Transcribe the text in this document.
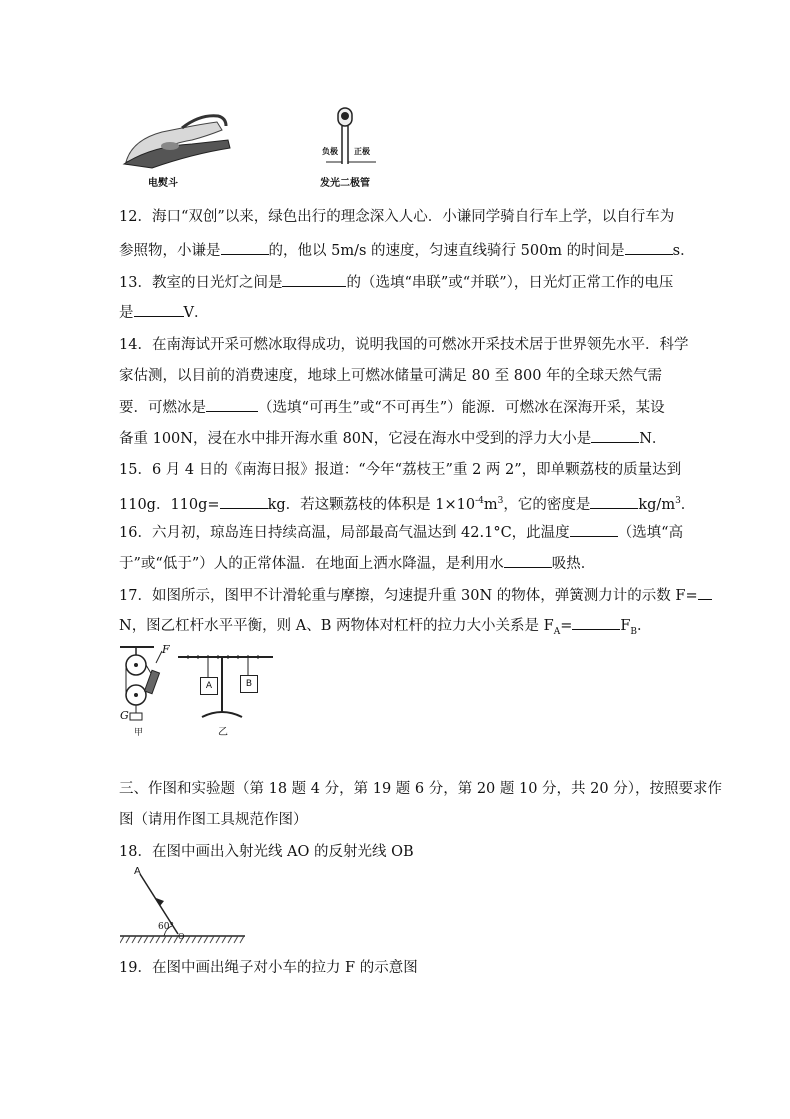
电熨斗
负极 正极
发光二极管
12．海口“双创”以来，绿色出行的理念深入人心．小谦同学骑自行车上学，以自行车为
参照物，小谦是	的，他以 5m/s 的速度，匀速直线骑行 500m 的时间是	s．
13．教室的日光灯之间是	的（选填“串联”或“并联”），日光灯正常工作的电压
是	V．
14．在南海试开采可燃冰取得成功，说明我国的可燃冰开采技术居于世界领先水平．科学
家估测，以目前的消费速度，地球上可燃冰储量可满足 80 至 800 年的全球天然气需
要．可燃冰是	（选填“可再生”或“不可再生”）能源．可燃冰在深海开采，某设
备重 100N，浸在水中排开海水重 80N，它浸在海水中受到的浮力大小是	N．
15．6 月 4 日的《南海日报》报道：“今年“荔枝王”重 2 两 2”，即单颗荔枝的质量达到
110g．110g=	kg．若这颗荔枝的体积是 $1\times 10^{-4}m^3$，它的密度是	$kg/m^3$．
16．六月初，琼岛连日持续高温，局部最高气温达到 42.1°C，此温度	（选填“高
于”或“低于”）人的正常体温．在地面上洒水降温，是利用水	吸热．
17．如图所示，图甲不计滑轮重与摩擦，匀速提升重 30N 的物体，弹簧测力计的示数 F=
N，图乙杠杆水平平衡，则 A、B 两物体对杠杆的拉力大小关系是 $F_A=$	$F_B$．
A	B
F
G
甲	乙
三、作图和实验题（第 18 题 4 分，第 19 题 6 分，第 20 题 10 分，共 20 分），按照要求作
图（请用作图工具规范作图）
18．在图中画出入射光线 AO 的反射光线 OB
A
60°
O
19．在图中画出绳子对小车的拉力 F 的示意图
